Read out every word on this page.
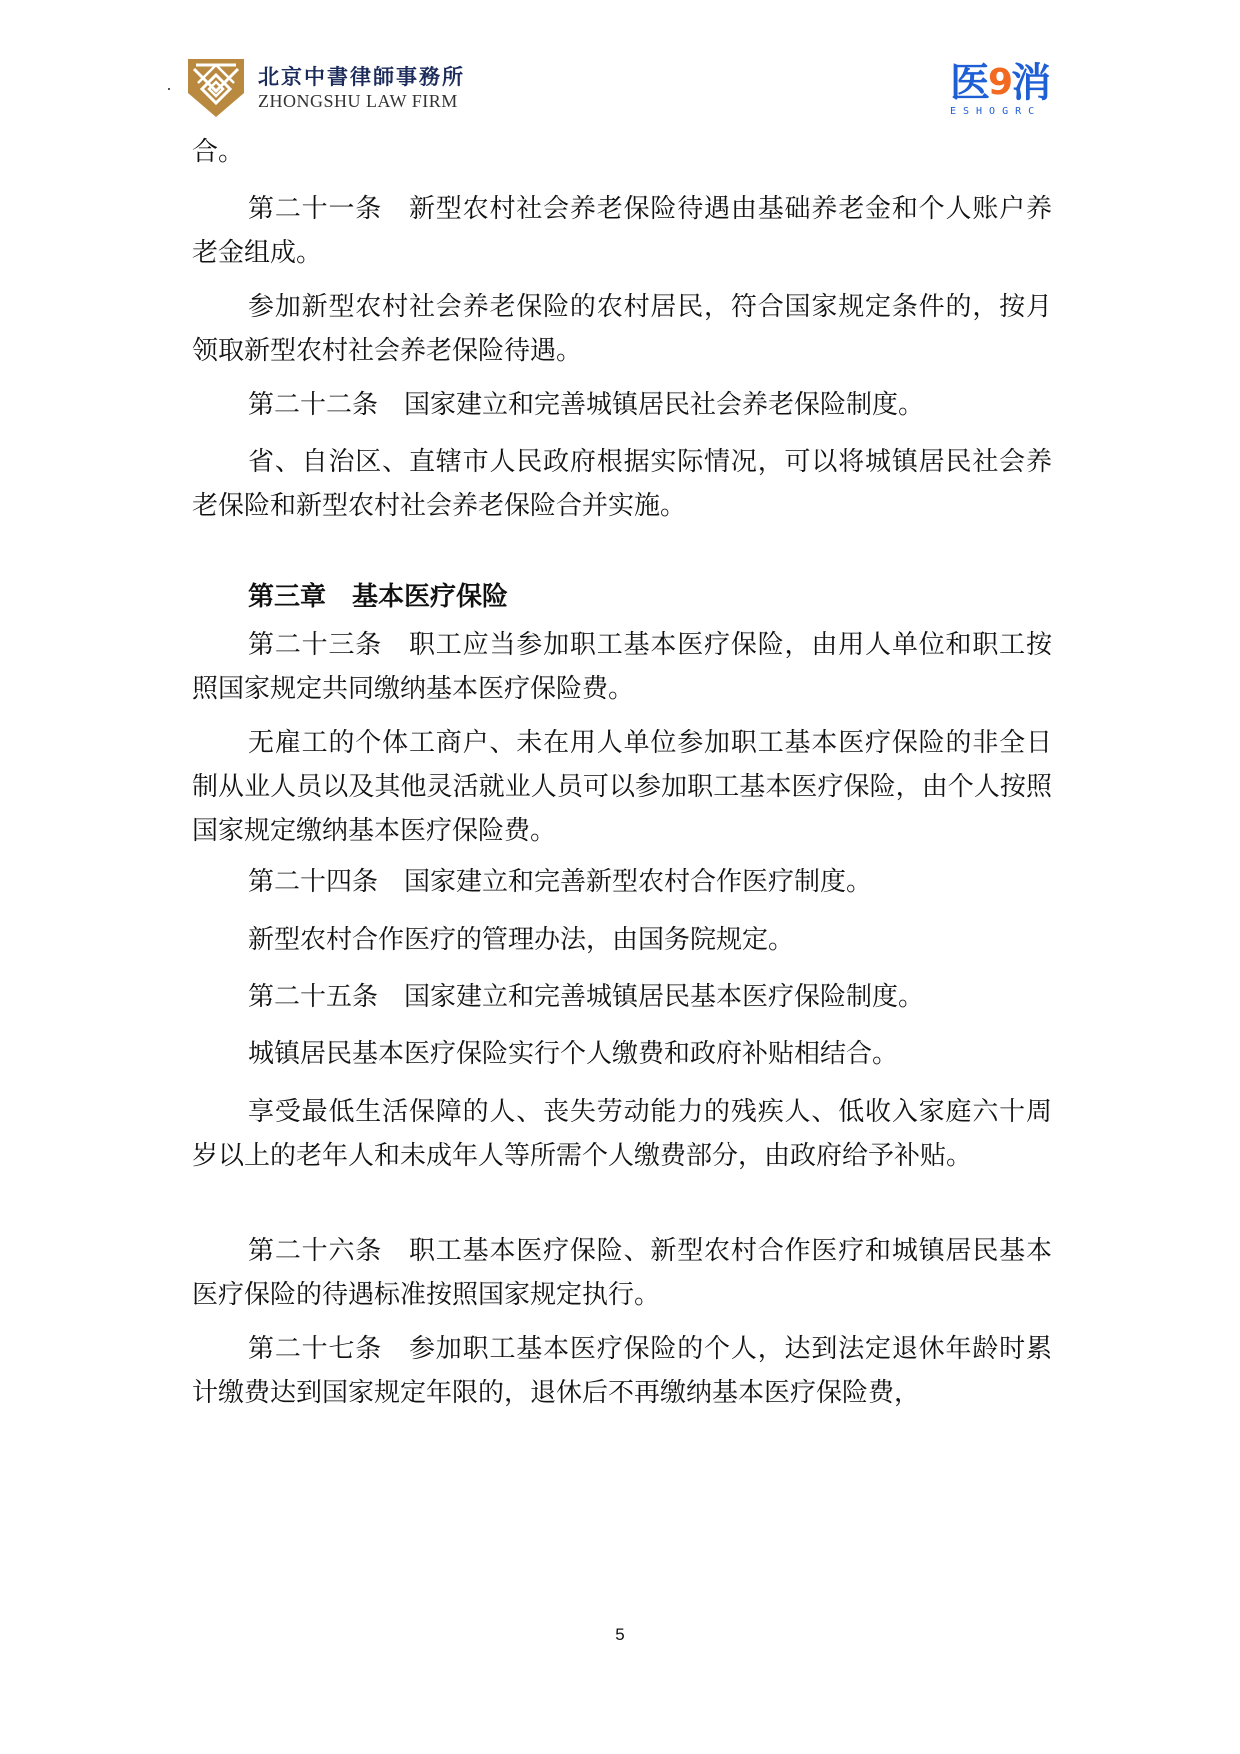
北京中書律師事務所
ZHONGSHU LAW FIRM	医
9
消
ESHOGRC
合。
第二十一条　新型农村社会养老保险待遇由基础养老金和个人账户养老金组成。
参加新型农村社会养老保险的农村居民，符合国家规定条件的，按月领取新型农村社会养老保险待遇。
第二十二条　国家建立和完善城镇居民社会养老保险制度。
省、自治区、直辖市人民政府根据实际情况，可以将城镇居民社会养老保险和新型农村社会养老保险合并实施。
第三章　基本医疗保险
第二十三条　职工应当参加职工基本医疗保险，由用人单位和职工按照国家规定共同缴纳基本医疗保险费。
无雇工的个体工商户、未在用人单位参加职工基本医疗保险的非全日制从业人员以及其他灵活就业人员可以参加职工基本医疗保险，由个人按照国家规定缴纳基本医疗保险费。
第二十四条　国家建立和完善新型农村合作医疗制度。
新型农村合作医疗的管理办法，由国务院规定。
第二十五条　国家建立和完善城镇居民基本医疗保险制度。
城镇居民基本医疗保险实行个人缴费和政府补贴相结合。
享受最低生活保障的人、丧失劳动能力的残疾人、低收入家庭六十周岁以上的老年人和未成年人等所需个人缴费部分，由政府给予补贴。
第二十六条　职工基本医疗保险、新型农村合作医疗和城镇居民基本医疗保险的待遇标准按照国家规定执行。
第二十七条　参加职工基本医疗保险的个人，达到法定退休年龄时累计缴费达到国家规定年限的，退休后不再缴纳基本医疗保险费，
5
